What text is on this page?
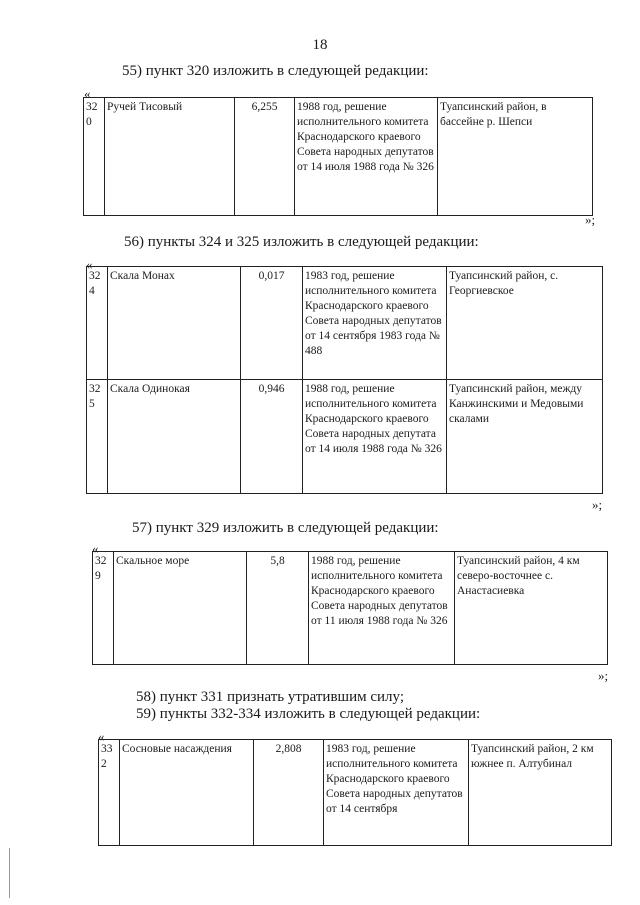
18
55) пункт 320 изложить в следующей редакции:
«
320	Ручей Тисовый	6,255	1988 год, решение исполнительного комитета Краснодарского краевого Совета народных депутатов от 14 июля 1988 года № 326	Туапсинский район, в бассейне р. Шепси
»;
56) пункты 324 и 325 изложить в следующей редакции:
«
324	Скала Монах	0,017	1983 год, решение исполнительного комитета Краснодарского краевого Совета народных депутатов от 14 сентября 1983 года № 488	Туапсинский район, с. Георгиевское
325	Скала Одинокая	0,946	1988 год, решение исполнительного комитета Краснодарского краевого Совета народных депутата от 14 июля 1988 года № 326	Туапсинский район, между Канжинскими и Медовыми скалами
»;
57) пункт 329 изложить в следующей редакции:
«
329	Скальное море	5,8	1988 год, решение исполнительного комитета Краснодарского краевого Совета народных депутатов от 11 июля 1988 года № 326	Туапсинский район, 4 км северо-восточнее с. Анастасиевка
»;
58) пункт 331 признать утратившим силу;
59) пункты 332-334 изложить в следующей редакции:
«
332	Сосновые насаждения	2,808	1983 год, решение исполнительного комитета Краснодарского краевого Совета народных депутатов от 14 сентября	Туапсинский район, 2 км южнее п. Алтубинал
